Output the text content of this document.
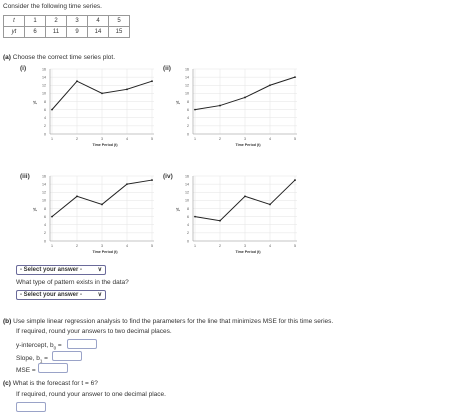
Consider the following time series.
t	1	2	3	4	5
yt	6	11	9	14	15
(a) Choose the correct time series plot.
(i)	(ii)
(iii)	(iv)
0
2
4
6
8
10
12
14
16
1	2	3	4	5
Time Period (t)
yt
0
2
4
6
8
10
12
14
16
1	2	3	4	5
Time Period (t)
yt
0
2
4
6
8
10
12
14
16
1	2	3	4	5
Time Period (t)
yt
0
2
4
6
8
10
12
14
16
1	2	3	4	5
Time Period (t)
yt
- Select your answer -	∨
What type of pattern exists in the data?
- Select your answer -	∨
(b) Use simple linear regression analysis to find the parameters for the line that minimizes MSE for this time series.
If required, round your answers to two decimal places.
y-intercept, $b_0$ =
Slope, $b_1$ =
MSE =
(c) What is the forecast for t = 6?
If required, round your answer to one decimal place.
